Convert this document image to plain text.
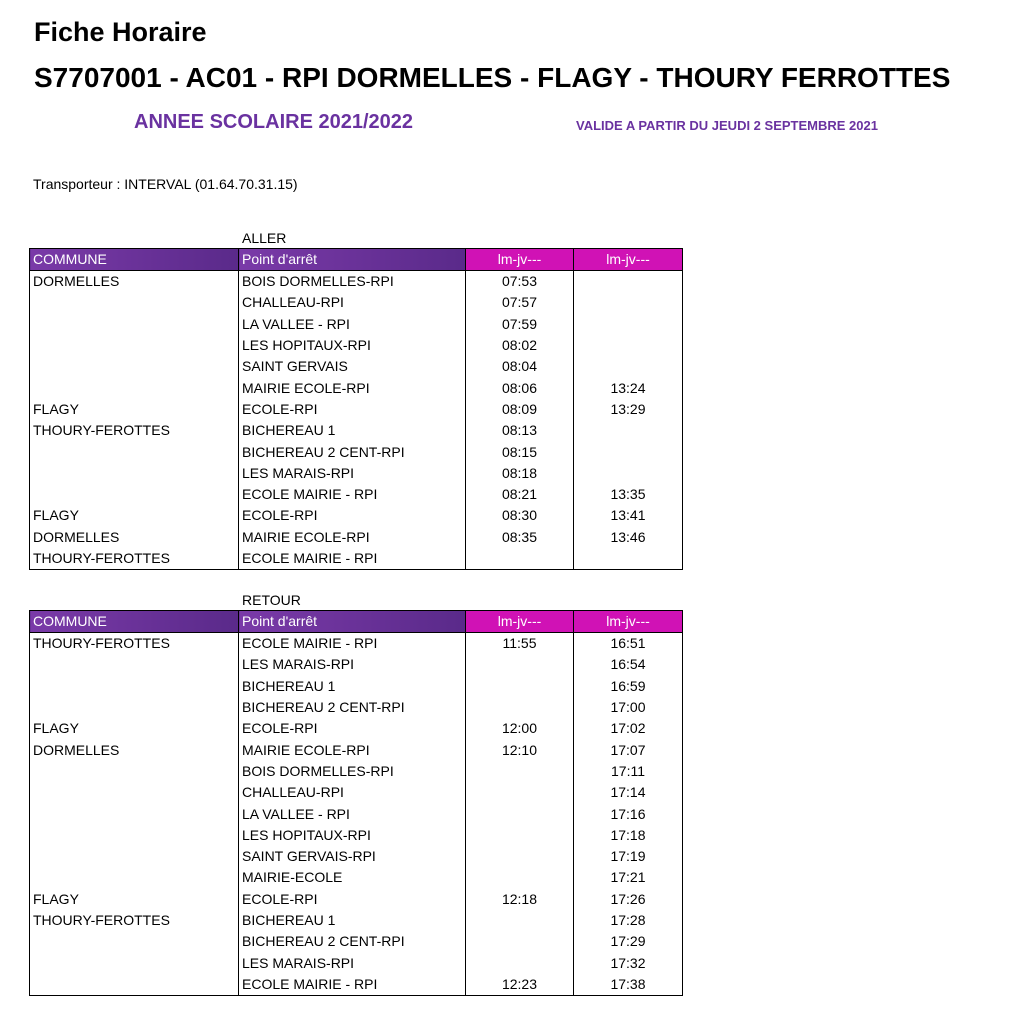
Fiche Horaire
S7707001 - AC01 - RPI DORMELLES - FLAGY - THOURY FERROTTES
ANNEE SCOLAIRE 2021/2022	VALIDE A PARTIR DU JEUDI 2 SEPTEMBRE 2021
Transporteur : INTERVAL (01.64.70.31.15)
ALLER
COMMUNE	Point d'arrêt	lm-jv---	lm-jv---
DORMELLES	BOIS DORMELLES-RPI	07:53	
	CHALLEAU-RPI	07:57	
	LA VALLEE - RPI	07:59	
	LES HOPITAUX-RPI	08:02	
	SAINT GERVAIS	08:04	
	MAIRIE ECOLE-RPI	08:06	13:24
FLAGY	ECOLE-RPI	08:09	13:29
THOURY-FEROTTES	BICHEREAU 1	08:13	
	BICHEREAU 2 CENT-RPI	08:15	
	LES MARAIS-RPI	08:18	
	ECOLE MAIRIE - RPI	08:21	13:35
FLAGY	ECOLE-RPI	08:30	13:41
DORMELLES	MAIRIE ECOLE-RPI	08:35	13:46
THOURY-FEROTTES	ECOLE MAIRIE - RPI		
RETOUR
COMMUNE	Point d'arrêt	lm-jv---	lm-jv---
THOURY-FEROTTES	ECOLE MAIRIE - RPI	11:55	16:51
	LES MARAIS-RPI		16:54
	BICHEREAU 1		16:59
	BICHEREAU 2 CENT-RPI		17:00
FLAGY	ECOLE-RPI	12:00	17:02
DORMELLES	MAIRIE ECOLE-RPI	12:10	17:07
	BOIS DORMELLES-RPI		17:11
	CHALLEAU-RPI		17:14
	LA VALLEE - RPI		17:16
	LES HOPITAUX-RPI		17:18
	SAINT GERVAIS-RPI		17:19
	MAIRIE-ECOLE		17:21
FLAGY	ECOLE-RPI	12:18	17:26
THOURY-FEROTTES	BICHEREAU 1		17:28
	BICHEREAU 2 CENT-RPI		17:29
	LES MARAIS-RPI		17:32
	ECOLE MAIRIE - RPI	12:23	17:38
